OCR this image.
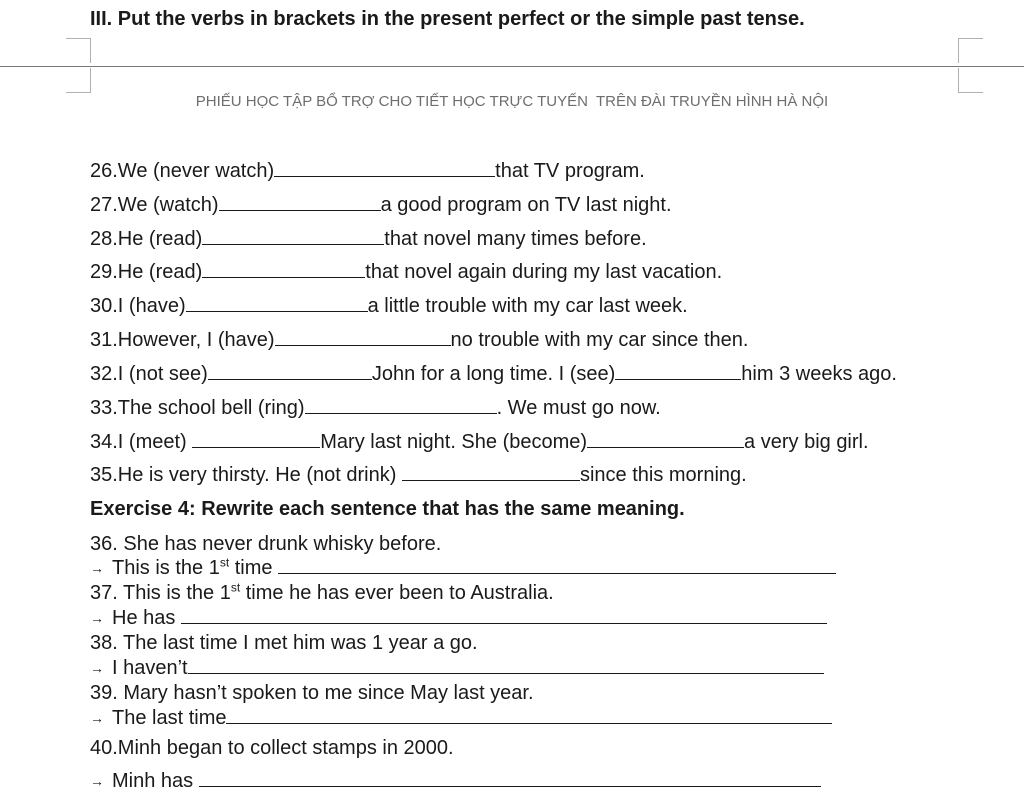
III. Put the verbs in brackets in the present perfect or the simple past tense.
PHIẾU HỌC TẬP BỔ TRỢ CHO TIẾT HỌC TRỰC TUYẾN  TRÊN ĐÀI TRUYỀN HÌNH HÀ NỘI
26.We (never watch)	that TV program.
27.We (watch)	a good program on TV last night.
28.He (read)	that novel many times before.
29.He (read)	that novel again during my last vacation.
30.I (have)	a little trouble with my car last week.
31.However, I (have)	no trouble with my car since then.
32.I (not see)	John for a long time. I (see)	him 3 weeks ago.
33.The school bell (ring)	. We must go now.
34.I (meet)	Mary last night. She (become)	a very big girl.
35.He is very thirsty. He (not drink)	since this morning.
Exercise 4: Rewrite each sentence that has the same meaning.
36. She has never drunk whisky before.
→ This is the 1st time
37. This is the 1st time he has ever been to Australia.
→ He has
38. The last time I met him was 1 year a go.
→ I haven’t
39. Mary hasn’t spoken to me since May last year.
→ The last time
40.Minh began to collect stamps in 2000.
→ Minh has
